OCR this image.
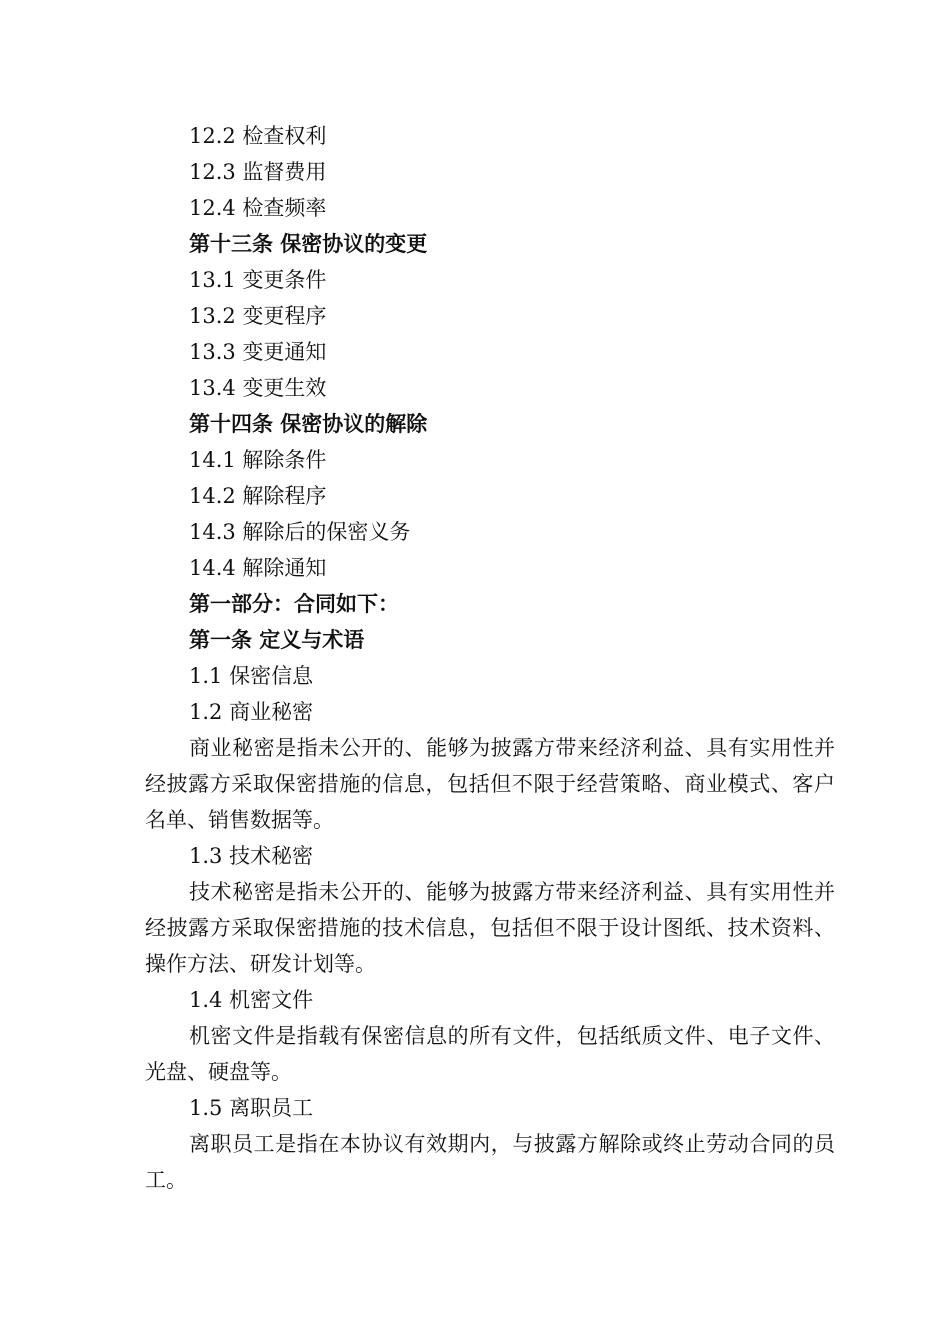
12.2 检查权利

12.3 监督费用

12.4 检查频率

第十三条 保密协议的变更

13.1 变更条件

13.2 变更程序

13.3 变更通知

13.4 变更生效

第十四条 保密协议的解除

14.1 解除条件

14.2 解除程序

14.3 解除后的保密义务

14.4 解除通知

第一部分：合同如下：

第一条 定义与术语

1.1 保密信息

1.2 商业秘密

商业秘密是指未公开的、能够为披露方带来经济利益、具有实用性并经披露方采取保密措施的信息，包括但不限于经营策略、商业模式、客户名单、销售数据等。

1.3 技术秘密

技术秘密是指未公开的、能够为披露方带来经济利益、具有实用性并经披露方采取保密措施的技术信息，包括但不限于设计图纸、技术资料、操作方法、研发计划等。

1.4 机密文件

机密文件是指载有保密信息的所有文件，包括纸质文件、电子文件、光盘、硬盘等。

1.5 离职员工

离职员工是指在本协议有效期内，与披露方解除或终止劳动合同的员工。
